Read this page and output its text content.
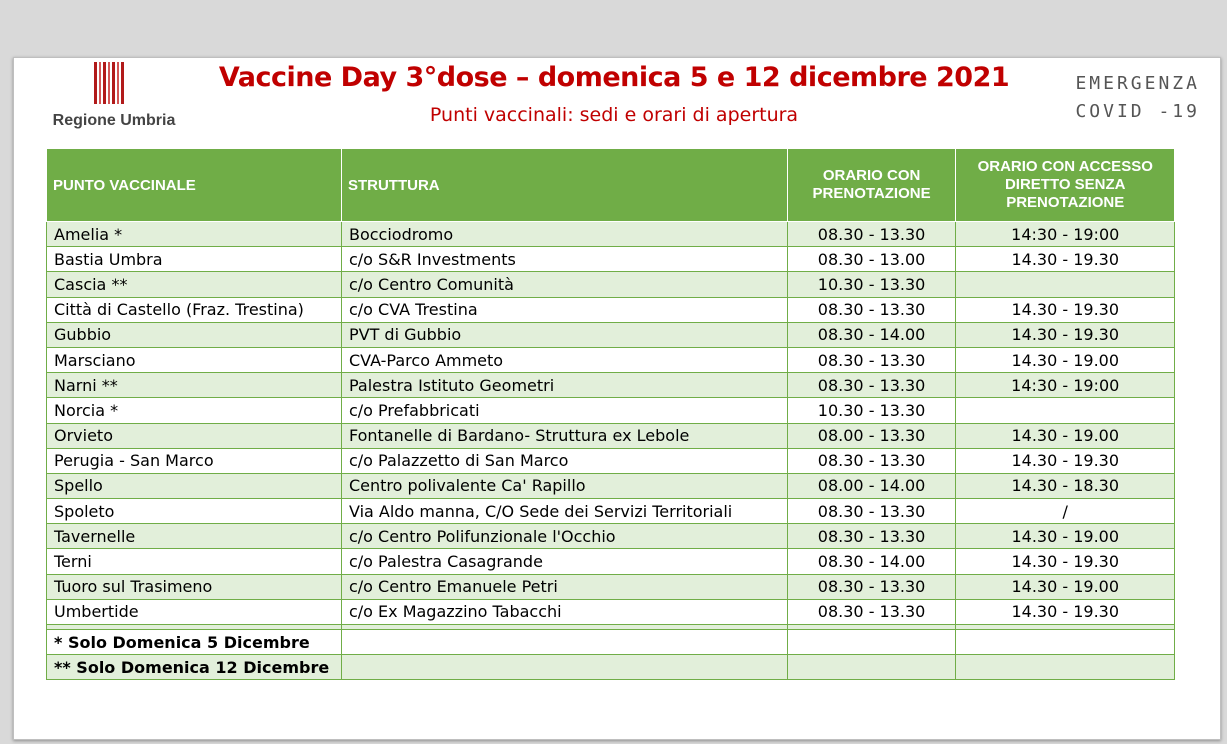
Regione Umbria
Vaccine Day 3°dose – domenica 5 e 12 dicembre 2021
Punti vaccinali: sedi e orari di apertura
EMERGENZA
COVID -19
PUNTO VACCINALE	STRUTTURA	ORARIO CON PRENOTAZIONE	ORARIO CON ACCESSO DIRETTO SENZA PRENOTAZIONE
Amelia *	Bocciodromo	08.30 - 13.30	14:30 - 19:00
Bastia Umbra	c/o S&R Investments	08.30 - 13.00	14.30 - 19.30
Cascia **	c/o Centro Comunità	10.30 - 13.30	
Città di Castello (Fraz. Trestina)	c/o CVA Trestina	08.30 - 13.30	14.30 - 19.30
Gubbio	PVT di Gubbio	08.30 - 14.00	14.30 - 19.30
Marsciano	CVA-Parco Ammeto	08.30 - 13.30	14.30 - 19.00
Narni **	Palestra Istituto Geometri	08.30 - 13.30	14:30 - 19:00
Norcia *	c/o Prefabbricati	10.30 - 13.30	
Orvieto	Fontanelle di Bardano- Struttura ex Lebole	08.00 - 13.30	14.30 - 19.00
Perugia - San Marco	c/o Palazzetto di San Marco	08.30 - 13.30	14.30 - 19.30
Spello	Centro polivalente Ca' Rapillo	08.00 - 14.00	14.30 - 18.30
Spoleto	Via Aldo manna, C/O Sede dei Servizi Territoriali	08.30 - 13.30	/
Tavernelle	c/o Centro Polifunzionale l'Occhio	08.30 - 13.30	14.30 - 19.00
Terni	c/o Palestra Casagrande	08.30 - 14.00	14.30 - 19.30
Tuoro sul Trasimeno	c/o Centro Emanuele Petri	08.30 - 13.30	14.30 - 19.00
Umbertide	c/o Ex Magazzino Tabacchi	08.30 - 13.30	14.30 - 19.30

* Solo Domenica 5 Dicembre			
** Solo Domenica 12 Dicembre			
